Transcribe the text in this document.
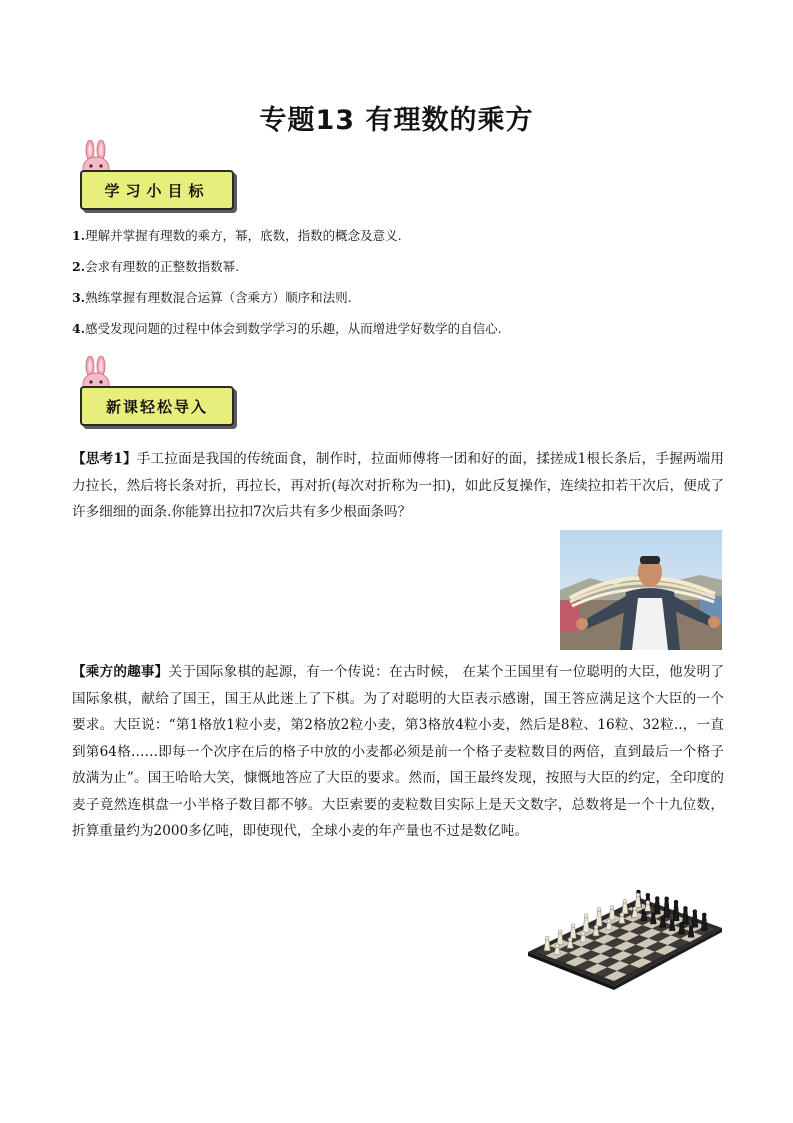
专题13 有理数的乘方
学习小目标
1.理解并掌握有理数的乘方，幂，底数，指数的概念及意义.
2.会求有理数的正整数指数幂.
3.熟练掌握有理数混合运算（含乘方）顺序和法则.
4.感受发现问题的过程中体会到数学学习的乐趣，从而增进学好数学的自信心.
新课轻松导入
【思考1】手工拉面是我国的传统面食，制作时，拉面师傅将一团和好的面，揉搓成1根长条后，手握两端用力拉长，然后将长条对折，再拉长，再对折(每次对折称为一扣)，如此反复操作，连续拉扣若干次后，便成了许多细细的面条.你能算出拉扣7次后共有多少根面条吗？
【乘方的趣事】关于国际象棋的起源，有一个传说：在古时候， 在某个王国里有一位聪明的大臣，他发明了国际象棋，献给了国王，国王从此迷上了下棋。为了对聪明的大臣表示感谢，国王答应满足这个大臣的一个要求。大臣说：“第1格放1粒小麦，第2格放2粒小麦，第3格放4粒小麦，然后是8粒、16粒、32粒..，一直到第64格……即每一个次序在后的格子中放的小麦都必须是前一个格子麦粒数目的两倍，直到最后一个格子放满为止”。国王哈哈大笑，慷慨地答应了大臣的要求。然而，国王最终发现，按照与大臣的约定，全印度的麦子竟然连棋盘一小半格子数目都不够。大臣索要的麦粒数目实际上是天文数字，总数将是一个十九位数，折算重量约为2000多亿吨，即使现代，全球小麦的年产量也不过是数亿吨。
